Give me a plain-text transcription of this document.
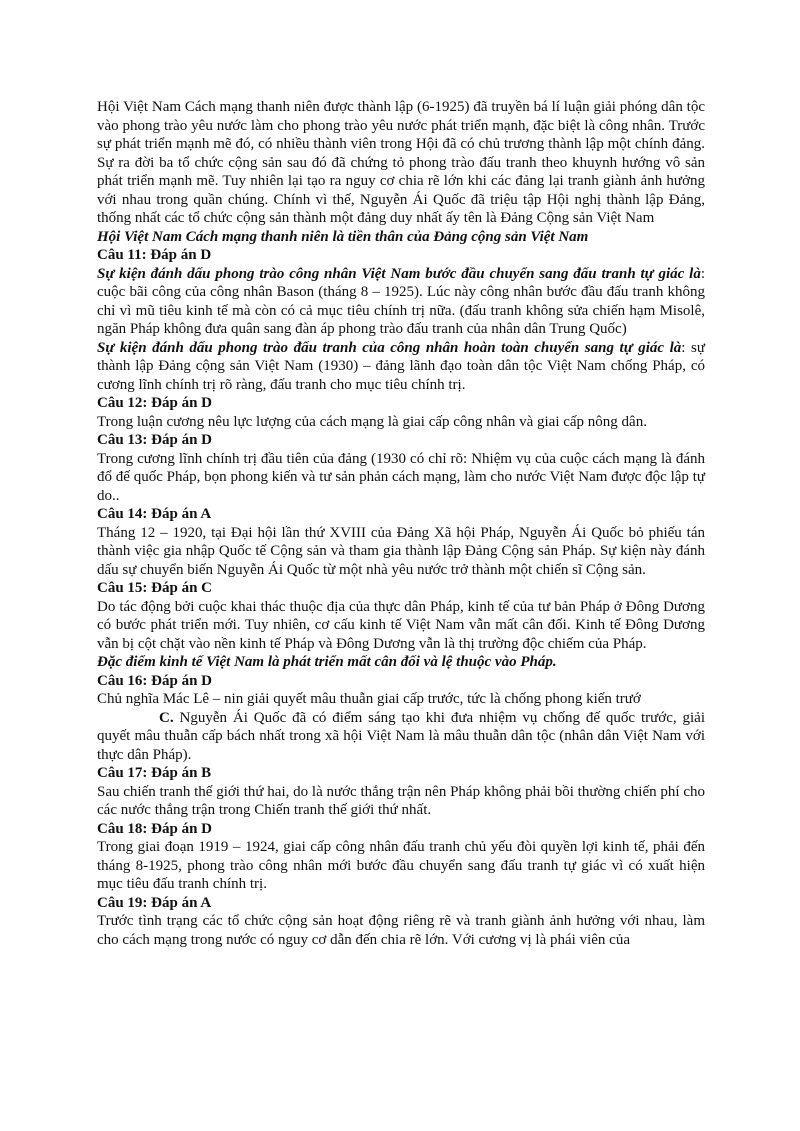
Hội Việt Nam Cách mạng thanh niên được thành lập (6-1925) đã truyền bá lí luận giải phóng dân tộc vào phong trào yêu nước làm cho phong trào yêu nước phát triển mạnh, đặc biệt là công nhân. Trước sự phát triển mạnh mẽ đó, có nhiều thành viên trong Hội đã có chủ trương thành lập một chính đảng. Sự ra đời ba tổ chức cộng sản sau đó đã chứng tỏ phong trào đấu tranh theo khuynh hướng vô sản phát triển mạnh mẽ. Tuy nhiên lại tạo ra nguy cơ chia rẽ lớn khi các đảng lại tranh giành ảnh hưởng với nhau trong quần chúng. Chính vì thế, Nguyễn Ái Quốc đã triệu tập Hội nghị thành lập Đảng, thống nhất các tổ chức cộng sản thành một đảng duy nhất ấy tên là Đảng Cộng sản Việt Nam

Hội Việt Nam Cách mạng thanh niên là tiền thân của Đảng cộng sản Việt Nam

Câu 11: Đáp án D

Sự kiện đánh dấu phong trào công nhân Việt Nam bước đầu chuyển sang đấu tranh tự giác là: cuộc bãi công của công nhân Bason (tháng 8 – 1925). Lúc này công nhân bước đầu đấu tranh không chỉ vì mũ tiêu kinh tế mà còn có cả mục tiêu chính trị nữa. (đấu tranh không sửa chiến hạm Misolê, ngăn Pháp không đưa quân sang đàn áp phong trào đấu tranh của nhân dân Trung Quốc)

Sự kiện đánh dấu phong trào đấu tranh của công nhân hoàn toàn chuyển sang tự giác là: sự thành lập Đảng cộng sản Việt Nam (1930) – đảng lãnh đạo toàn dân tộc Việt Nam chống Pháp, có cương lĩnh chính trị rõ ràng, đấu tranh cho mục tiêu chính trị.

Câu 12: Đáp án D

Trong luận cương nêu lực lượng của cách mạng là giai cấp công nhân và giai cấp nông dân.

Câu 13: Đáp án D

Trong cương lĩnh chính trị đầu tiên của đảng (1930 có chỉ rõ: Nhiệm vụ của cuộc cách mạng là đánh đổ đế quốc Pháp, bọn phong kiến và tư sản phản cách mạng, làm cho nước Việt Nam được độc lập tự do..

Câu 14: Đáp án A

Tháng 12 – 1920, tại Đại hội lần thứ XVIII của Đảng Xã hội Pháp, Nguyễn Ái Quốc bỏ phiếu tán thành việc gia nhập Quốc tế Cộng sản và tham gia thành lập Đảng Cộng sản Pháp. Sự kiện này đánh dấu sự chuyển biến Nguyễn Ái Quốc từ một nhà yêu nước trở thành một chiến sĩ Cộng sản.

Câu 15: Đáp án C

Do tác động bởi cuộc khai thác thuộc địa của thực dân Pháp, kinh tế của tư bản Pháp ở Đông Dương có bước phát triển mới. Tuy nhiên, cơ cấu kinh tế Việt Nam vẫn mất cân đối. Kinh tế Đông Dương vẫn bị cột chặt vào nền kinh tế Pháp và Đông Dương vẫn là thị trường độc chiếm của Pháp.

Đặc điểm kinh tế Việt Nam là phát triển mất cân đối và lệ thuộc vào Pháp.

Câu 16: Đáp án D

Chủ nghĩa Mác Lê – nin giải quyết mâu thuẫn giai cấp trước, tức là chống phong kiến trướ

C. Nguyễn Ái Quốc đã có điểm sáng tạo khi đưa nhiệm vụ chống đế quốc trước, giải quyết mâu thuẫn cấp bách nhất trong xã hội Việt Nam là mâu thuẫn dân tộc (nhân dân Việt Nam với thực dân Pháp).

Câu 17: Đáp án B

Sau chiến tranh thế giới thứ hai, do là nước thắng trận nên Pháp không phải bồi thường chiến phí cho các nước thắng trận trong Chiến tranh thế giới thứ nhất.

Câu 18: Đáp án D

Trong giai đoạn 1919 – 1924, giai cấp công nhân đấu tranh chủ yếu đòi quyền lợi kinh tế, phải đến tháng 8-1925, phong trào công nhân mới bước đầu chuyển sang đấu tranh tự giác vì có xuất hiện mục tiêu đấu tranh chính trị.

Câu 19: Đáp án A

Trước tình trạng các tổ chức cộng sản hoạt động riêng rẽ và tranh giành ảnh hưởng với nhau, làm cho cách mạng trong nước có nguy cơ dẫn đến chia rẽ lớn. Với cương vị là phái viên của
